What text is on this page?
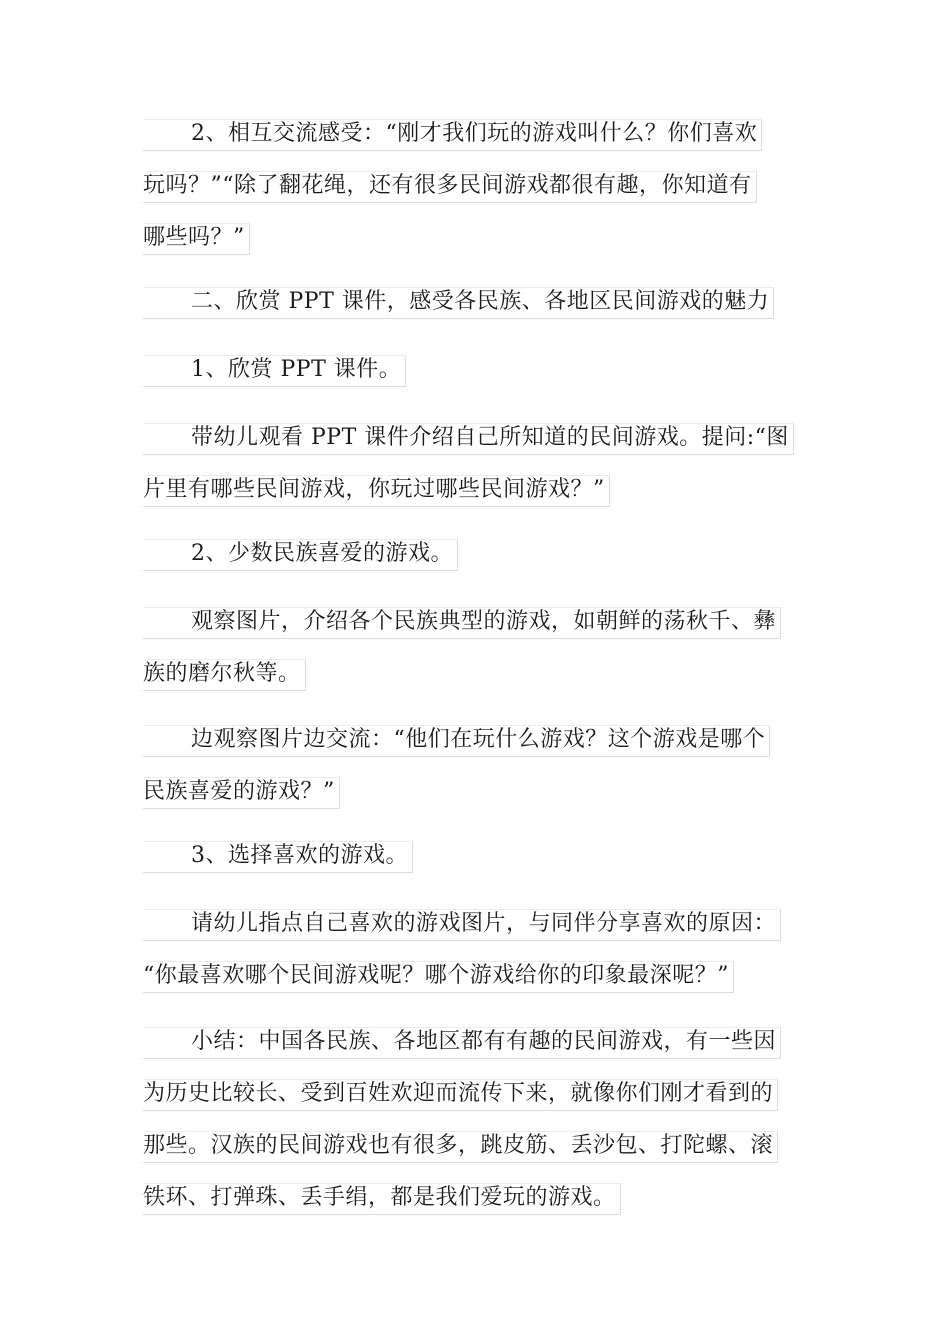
2、相互交流感受：“刚才我们玩的游戏叫什么？你们喜欢
玩吗？”“除了翻花绳，还有很多民间游戏都很有趣，你知道有
哪些吗？”
二、欣赏 PPT 课件，感受各民族、各地区民间游戏的魅力
1、欣赏 PPT 课件。
带幼儿观看 PPT 课件介绍自己所知道的民间游戏。提问:“图
片里有哪些民间游戏，你玩过哪些民间游戏？”
2、少数民族喜爱的游戏。
观察图片，介绍各个民族典型的游戏，如朝鲜的荡秋千、彝
族的磨尔秋等。
边观察图片边交流：“他们在玩什么游戏？这个游戏是哪个
民族喜爱的游戏？”
3、选择喜欢的游戏。
请幼儿指点自己喜欢的游戏图片，与同伴分享喜欢的原因：
“你最喜欢哪个民间游戏呢？哪个游戏给你的印象最深呢？”
小结：中国各民族、各地区都有有趣的民间游戏，有一些因
为历史比较长、受到百姓欢迎而流传下来，就像你们刚才看到的
那些。汉族的民间游戏也有很多，跳皮筋、丢沙包、打陀螺、滚
铁环、打弹珠、丢手绢，都是我们爱玩的游戏。
